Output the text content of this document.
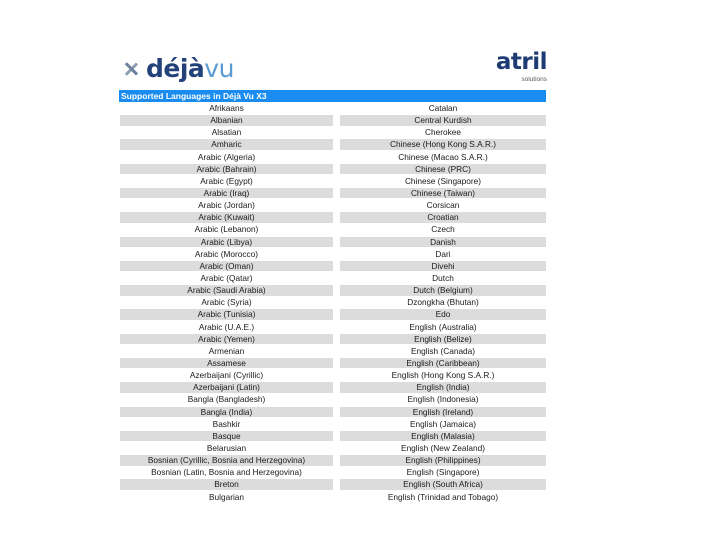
déjàvu	atril
solutions
Supported Languages in Déjà Vu X3
Afrikaans	Catalan
Albanian	Central Kurdish
Alsatian	Cherokee
Amharic	Chinese (Hong Kong S.A.R.)
Arabic (Algeria)	Chinese (Macao S.A.R.)
Arabic (Bahrain)	Chinese (PRC)
Arabic (Egypt)	Chinese (Singapore)
Arabic (Iraq)	Chinese (Taiwan)
Arabic (Jordan)	Corsican
Arabic (Kuwait)	Croatian
Arabic (Lebanon)	Czech
Arabic (Libya)	Danish
Arabic (Morocco)	Dari
Arabic (Oman)	Divehi
Arabic (Qatar)	Dutch
Arabic (Saudi Arabia)	Dutch (Belgium)
Arabic (Syria)	Dzongkha (Bhutan)
Arabic (Tunisia)	Edo
Arabic (U.A.E.)	English (Australia)
Arabic (Yemen)	English (Belize)
Armenian	English (Canada)
Assamese	English (Caribbean)
Azerbaijani (Cyrillic)	English (Hong Kong S.A.R.)
Azerbaijani (Latin)	English (India)
Bangla (Bangladesh)	English (Indonesia)
Bangla (India)	English (Ireland)
Bashkir	English (Jamaica)
Basque	English (Malasia)
Belarusian	English (New Zealand)
Bosnian (Cyrillic, Bosnia and Herzegovina)	English (Philippines)
Bosnian (Latin, Bosnia and Herzegovina)	English (Singapore)
Breton	English (South Africa)
Bulgarian	English (Trinidad and Tobago)
